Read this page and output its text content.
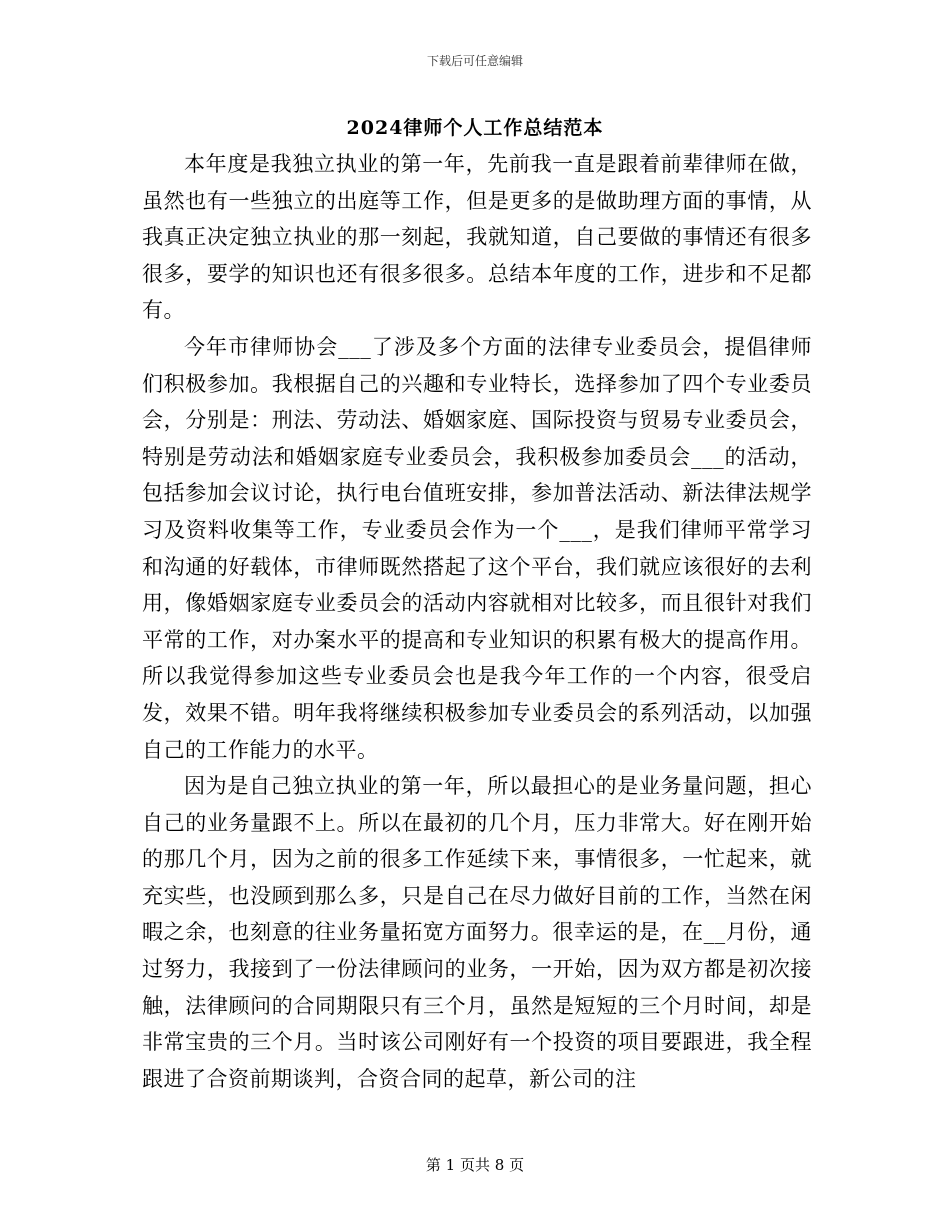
下载后可任意编辑
2024律师个人工作总结范本

本年度是我独立执业的第一年，先前我一直是跟着前辈律师在做，虽然也有一些独立的出庭等工作，但是更多的是做助理方面的事情，从我真正决定独立执业的那一刻起，我就知道，自己要做的事情还有很多很多，要学的知识也还有很多很多。总结本年度的工作，进步和不足都有。

今年市律师协会___了涉及多个方面的法律专业委员会，提倡律师们积极参加。我根据自己的兴趣和专业特长，选择参加了四个专业委员会，分别是：刑法、劳动法、婚姻家庭、国际投资与贸易专业委员会，特别是劳动法和婚姻家庭专业委员会，我积极参加委员会___的活动，包括参加会议讨论，执行电台值班安排，参加普法活动、新法律法规学习及资料收集等工作，专业委员会作为一个___，是我们律师平常学习和沟通的好载体，市律师既然搭起了这个平台，我们就应该很好的去利用，像婚姻家庭专业委员会的活动内容就相对比较多，而且很针对我们平常的工作，对办案水平的提高和专业知识的积累有极大的提高作用。所以我觉得参加这些专业委员会也是我今年工作的一个内容，很受启发，效果不错。明年我将继续积极参加专业委员会的系列活动，以加强自己的工作能力的水平。

因为是自己独立执业的第一年，所以最担心的是业务量问题，担心自己的业务量跟不上。所以在最初的几个月，压力非常大。好在刚开始的那几个月，因为之前的很多工作延续下来，事情很多，一忙起来，就充实些，也没顾到那么多，只是自己在尽力做好目前的工作，当然在闲暇之余，也刻意的往业务量拓宽方面努力。很幸运的是，在__月份，通过努力，我接到了一份法律顾问的业务，一开始，因为双方都是初次接触，法律顾问的合同期限只有三个月，虽然是短短的三个月时间，却是非常宝贵的三个月。当时该公司刚好有一个投资的项目要跟进，我全程跟进了合资前期谈判，合资合同的起草，新公司的注

第 1 页共 8 页
